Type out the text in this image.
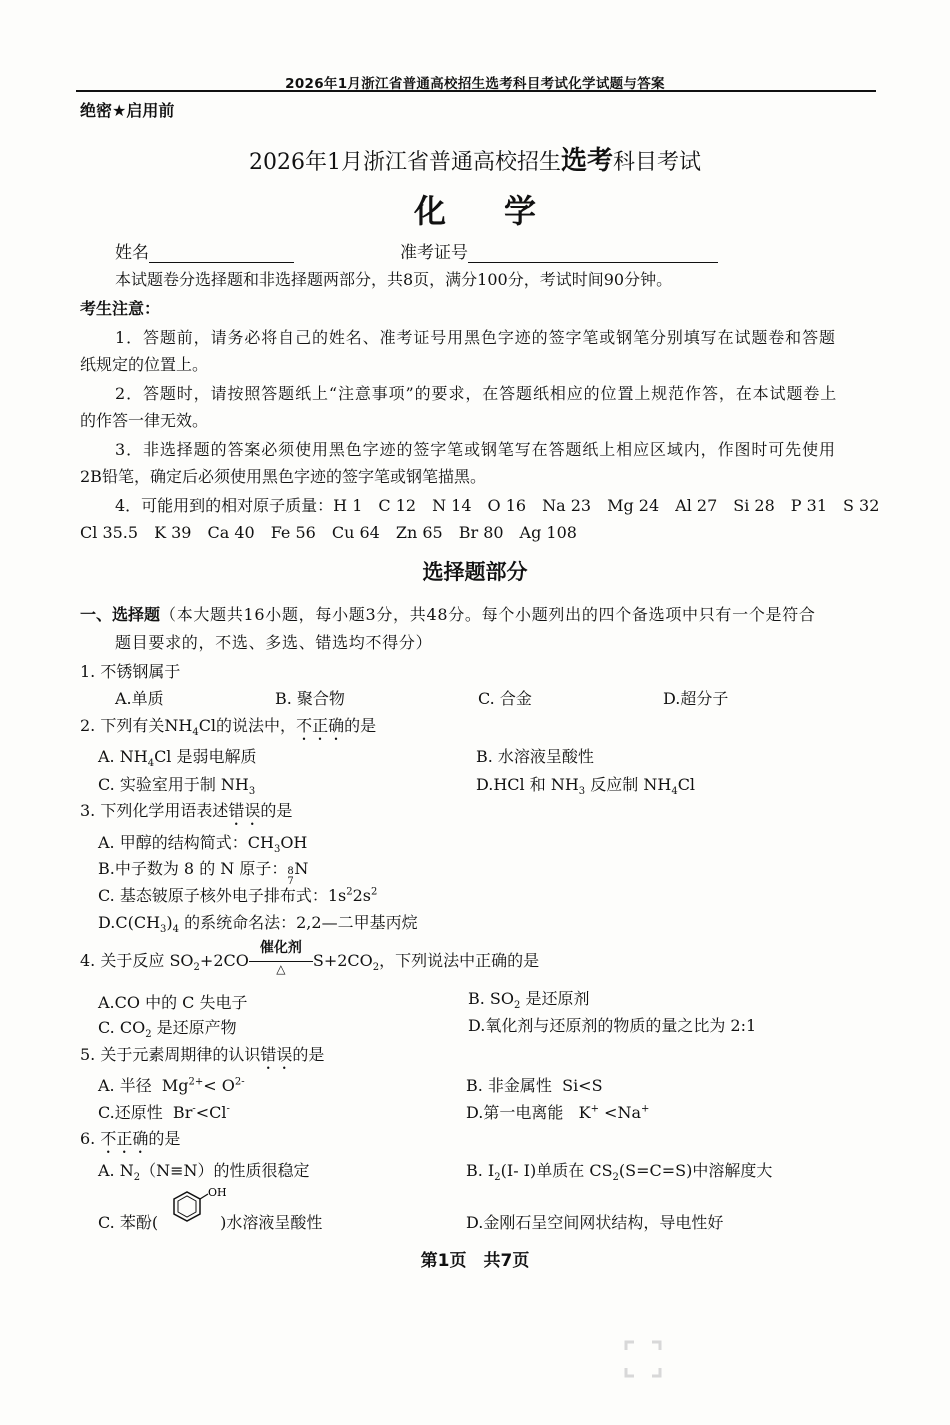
2026年1月浙江省普通高校招生选考科目考试化学试题与答案
绝密★启用前
2026年1月浙江省普通高校招生选考科目考试
化学
姓名	准考证号
本试题卷分选择题和非选择题两部分，共8页，满分100分，考试时间90分钟。
考生注意：
1．答题前，请务必将自己的姓名、准考证号用黑色字迹的签字笔或钢笔分别填写在试题卷和答题
纸规定的位置上。
2．答题时，请按照答题纸上“注意事项”的要求，在答题纸相应的位置上规范作答，在本试题卷上
的作答一律无效。
3．非选择题的答案必须使用黑色字迹的签字笔或钢笔写在答题纸上相应区域内，作图时可先使用
2B铅笔，确定后必须使用黑色字迹的签字笔或钢笔描黑。
4．可能用到的相对原子质量：H 1　C 12　N 14　O 16　Na 23　Mg 24　Al 27　Si 28　P 31　S 32
Cl 35.5　K 39　Ca 40　Fe 56　Cu 64　Zn 65　Br 80　Ag 108
选择题部分
一、选择题（本大题共16小题，每小题3分，共48分。每个小题列出的四个备选项中只有一个是符合
题目要求的，不选、多选、错选均不得分）
1. 不锈钢属于
A.单质	B. 聚合物	C. 合金	D.超分子
2. 下列有关$NH_4Cl$的说法中，不正确的是
A. $NH_4Cl$ 是弱电解质	B. 水溶液呈酸性
C. 实验室用于制 $NH_3$	D.HCl 和 $NH_3$ 反应制 $NH_4Cl$
3. 下列化学用语表述错误的是
A. 甲醇的结构简式：$CH_3OH$
B.中子数为 8 的 N 原子： 8
7
N
C. 基态铍原子核外电子排布式：$1s^22s^2$
$D.C(CH_3)_4$ 的系统命名法：2,2—二甲基丙烷
4. 关于反应 $SO_2+2CO$
催化剂
△	$S+2CO_2$，下列说法中正确的是
A.CO 中的 C 失电子	B. $SO_2$ 是还原剂
C. $CO_2$ 是还原产物	D.氧化剂与还原剂的物质的量之比为 2:1
5. 关于元素周期律的认识错误的是
A. 半径  $Mg^{2+}< O^{2-}$	B. 非金属性  Si<S
C.还原性  Br-<Cl-	D.第一电离能   K+ <Na+
6. 不正确的是
A. $N_2(N\equiv N)$的性质很稳定	B. $I_2(I-$ I)单质在 $CS_2(S=C=S)$中溶解度大
C. 苯酚(
OH
)水溶液呈酸性	D.金刚石呈空间网状结构，导电性好
第1页　共7页
